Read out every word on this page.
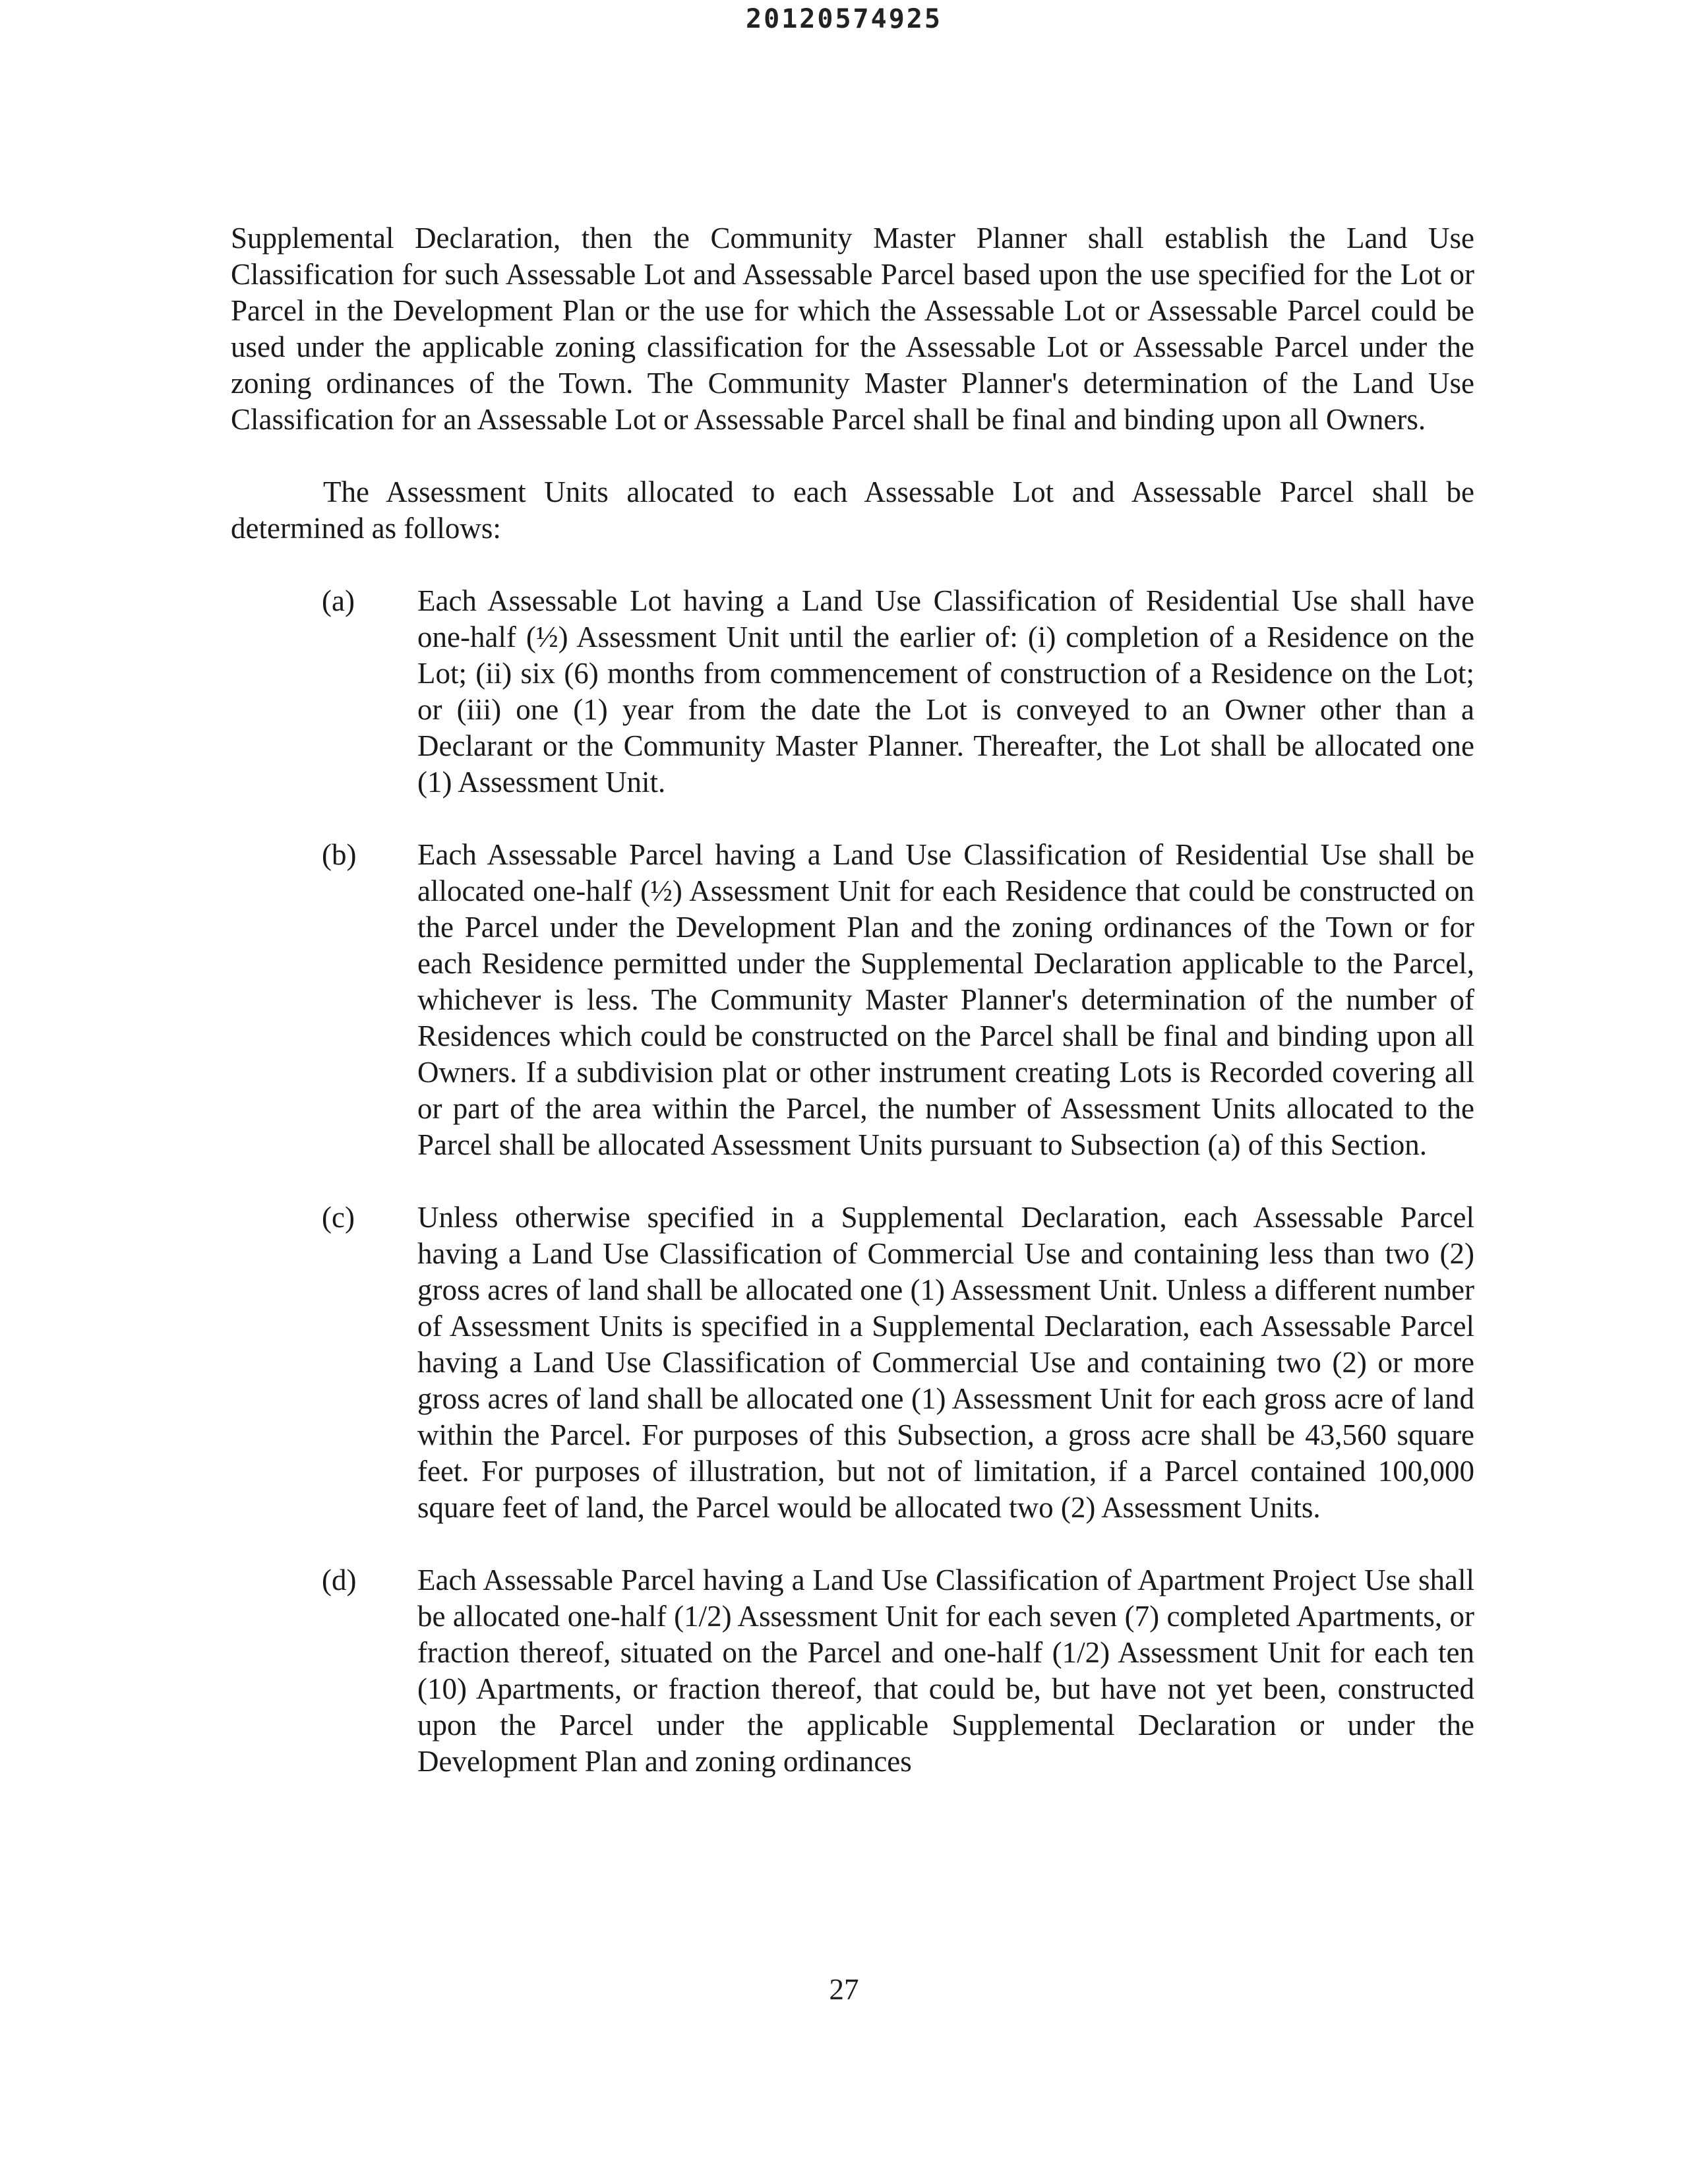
20120574925

Supplemental Declaration, then the Community Master Planner shall establish the Land Use Classification for such Assessable Lot and Assessable Parcel based upon the use specified for the Lot or Parcel in the Development Plan or the use for which the Assessable Lot or Assessable Parcel could be used under the applicable zoning classification for the Assessable Lot or Assessable Parcel under the zoning ordinances of the Town. The Community Master Planner's determination of the Land Use Classification for an Assessable Lot or Assessable Parcel shall be final and binding upon all Owners.

The Assessment Units allocated to each Assessable Lot and Assessable Parcel shall be determined as follows:

(a)	Each Assessable Lot having a Land Use Classification of Residential Use shall have one-half (½) Assessment Unit until the earlier of: (i) completion of a Residence on the Lot; (ii) six (6) months from commencement of construction of a Residence on the Lot; or (iii) one (1) year from the date the Lot is conveyed to an Owner other than a Declarant or the Community Master Planner. Thereafter, the Lot shall be allocated one (1) Assessment Unit.
(b)	Each Assessable Parcel having a Land Use Classification of Residential Use shall be allocated one-half (½) Assessment Unit for each Residence that could be constructed on the Parcel under the Development Plan and the zoning ordinances of the Town or for each Residence permitted under the Supplemental Declaration applicable to the Parcel, whichever is less. The Community Master Planner's determination of the number of Residences which could be constructed on the Parcel shall be final and binding upon all Owners. If a subdivision plat or other instrument creating Lots is Recorded covering all or part of the area within the Parcel, the number of Assessment Units allocated to the Parcel shall be allocated Assessment Units pursuant to Subsection (a) of this Section.
(c)	Unless otherwise specified in a Supplemental Declaration, each Assessable Parcel having a Land Use Classification of Commercial Use and containing less than two (2) gross acres of land shall be allocated one (1) Assessment Unit. Unless a different number of Assessment Units is specified in a Supplemental Declaration, each Assessable Parcel having a Land Use Classification of Commercial Use and containing two (2) or more gross acres of land shall be allocated one (1) Assessment Unit for each gross acre of land within the Parcel. For purposes of this Subsection, a gross acre shall be 43,560 square feet. For purposes of illustration, but not of limitation, if a Parcel contained 100,000 square feet of land, the Parcel would be allocated two (2) Assessment Units.
(d)	Each Assessable Parcel having a Land Use Classification of Apartment Project Use shall be allocated one-half (1/2) Assessment Unit for each seven (7) completed Apartments, or fraction thereof, situated on the Parcel and one-half (1/2) Assessment Unit for each ten (10) Apartments, or fraction thereof, that could be, but have not yet been, constructed upon the Parcel under the applicable Supplemental Declaration or under the Development Plan and zoning ordinances
27
